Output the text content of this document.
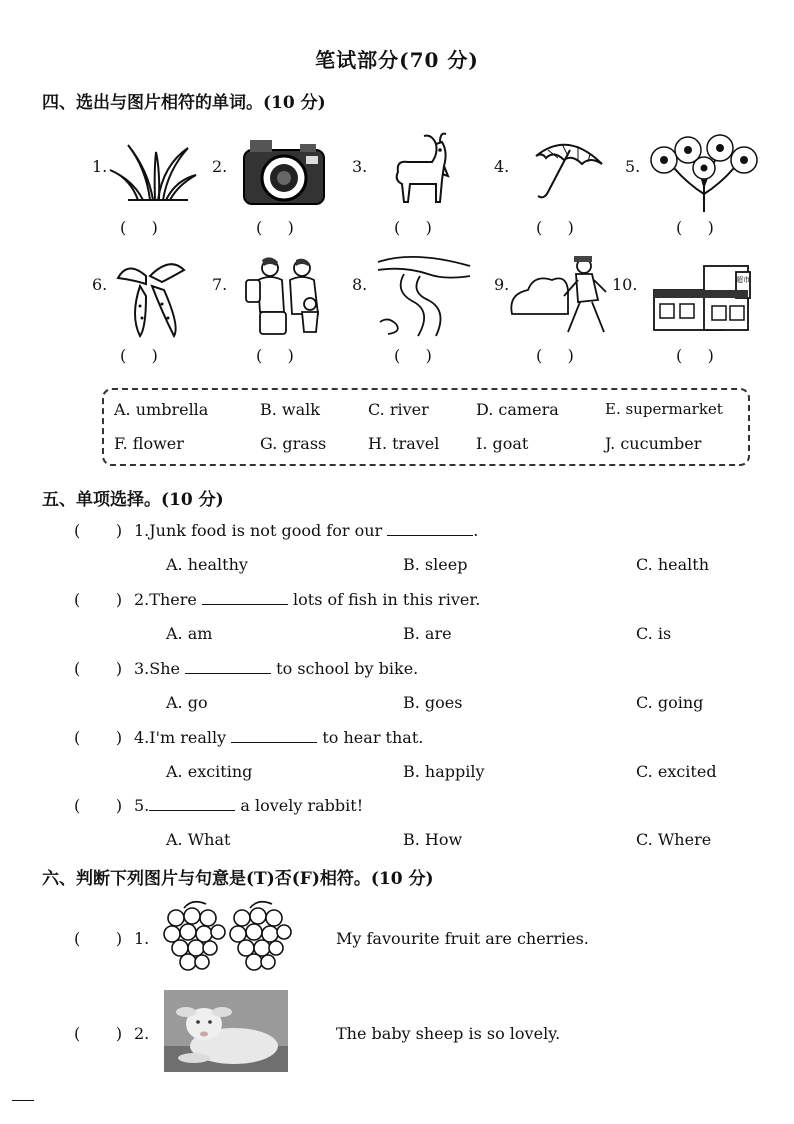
笔试部分(70 分)
四、选出与图片相符的单词。(10 分)
1.	2.	3.	4.	5.
(     )	(     )	(     )	(     )	(     )
6.	7.	8.	9.	10.	超市
(     )	(     )	(     )	(     )	(     )
A. umbrella	B. walk	C. river	D. camera	E. supermarket
F. flower	G. grass	H. travel I. goat	J. cucumber
五、单项选择。(10 分)
(       ) 1.Junk food is not good for our	.
A. healthy	B. sleep	C. health
(       ) 2.There	lots of fish in this river.
A. am	B. are	C. is
(       ) 3.She	to school by bike.
A. go	B. goes	C. going
(       ) 4.I'm really	to hear that.
A. exciting	B. happily	C. excited
(       ) 5.	a lovely rabbit!
A. What	B. How	C. Where
六、判断下列图片与句意是(T)否(F)相符。(10 分)
(       ) 1.	My favourite fruit are cherries.
(       ) 2.	The baby sheep is so lovely.
